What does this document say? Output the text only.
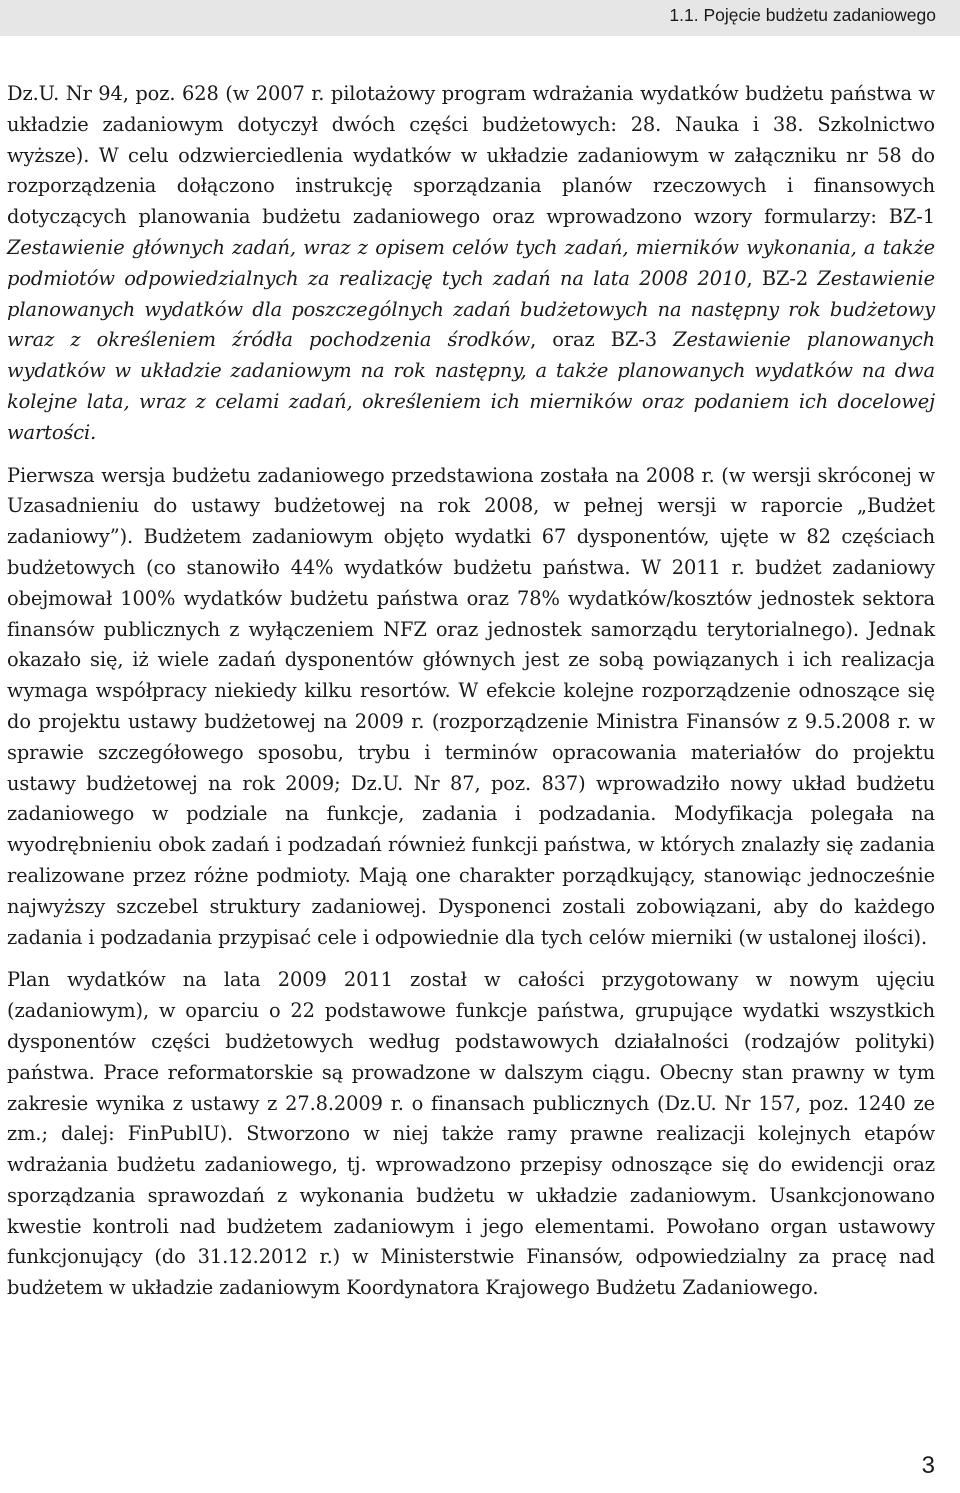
1.1. Pojęcie budżetu zadaniowego

Dz.U. Nr 94, poz. 628 (w 2007 r. pilotażowy program wdrażania wydatków budżetu państwa w układzie zadaniowym dotyczył dwóch części budżetowych: 28. Nauka i 38. Szkolnictwo wyższe). W celu odzwierciedlenia wydatków w układzie zadaniowym w załączniku nr 58 do rozporządzenia dołączono instrukcję sporządzania planów rzeczowych i finansowych dotyczących planowania budżetu zadaniowego oraz wprowadzono wzory formularzy: BZ-1 Zestawienie głównych zadań, wraz z opisem celów tych zadań, mierników wykonania, a także podmiotów odpowiedzialnych za realizację tych zadań na lata 2008 2010, BZ-2 Zestawienie planowanych wydatków dla poszczególnych zadań budżetowych na następny rok budżetowy wraz z określeniem źródła pochodzenia środków, oraz BZ-3 Zestawienie planowanych wydatków w układzie zadaniowym na rok następny, a także planowanych wydatków na dwa kolejne lata, wraz z celami zadań, określeniem ich mierników oraz podaniem ich docelowej wartości.

Pierwsza wersja budżetu zadaniowego przedstawiona została na 2008 r. (w wersji skróconej w Uzasadnieniu do ustawy budżetowej na rok 2008, w pełnej wersji w raporcie „Budżet zadaniowy”). Budżetem zadaniowym objęto wydatki 67 dysponentów, ujęte w 82 częściach budżetowych (co stanowiło 44% wydatków budżetu państwa. W 2011 r. budżet zadaniowy obejmował 100% wydatków budżetu państwa oraz 78% wydatków/kosztów jednostek sektora finansów publicznych z wyłączeniem NFZ oraz jednostek samorządu terytorialnego). Jednak okazało się, iż wiele zadań dysponentów głównych jest ze sobą powiązanych i ich realizacja wymaga współpracy niekiedy kilku resortów. W efekcie kolejne rozporządzenie odnoszące się do projektu ustawy budżetowej na 2009 r. (rozporządzenie Ministra Finansów z 9.5.2008 r. w sprawie szczegółowego sposobu, trybu i terminów opracowania materiałów do projektu ustawy budżetowej na rok 2009; Dz.U. Nr 87, poz. 837) wprowadziło nowy układ budżetu zadaniowego w podziale na funkcje, zadania i podzadania. Modyfikacja polegała na wyodrębnieniu obok zadań i podzadań również funkcji państwa, w których znalazły się zadania realizowane przez różne podmioty. Mają one charakter porządkujący, stanowiąc jednocześnie najwyższy szczebel struktury zadaniowej. Dysponenci zostali zobowiązani, aby do każdego zadania i podzadania przypisać cele i odpowiednie dla tych celów mierniki (w ustalonej ilości).

Plan wydatków na lata 2009 2011 został w całości przygotowany w nowym ujęciu (zadaniowym), w oparciu o 22 podstawowe funkcje państwa, grupujące wydatki wszystkich dysponentów części budżetowych według podstawowych działalności (rodzajów polityki) państwa. Prace reformatorskie są prowadzone w dalszym ciągu. Obecny stan prawny w tym zakresie wynika z ustawy z 27.8.2009 r. o finansach publicznych (Dz.U. Nr 157, poz. 1240 ze zm.; dalej: FinPublU). Stworzono w niej także ramy prawne realizacji kolejnych etapów wdrażania budżetu zadaniowego, tj. wprowadzono przepisy odnoszące się do ewidencji oraz sporządzania sprawozdań z wykonania budżetu w układzie zadaniowym. Usankcjonowano kwestie kontroli nad budżetem zadaniowym i jego elementami. Powołano organ ustawowy funkcjonujący (do 31.12.2012 r.) w Ministerstwie Finansów, odpowiedzialny za pracę nad budżetem w układzie zadaniowym Koordynatora Krajowego Budżetu Zadaniowego.

3
